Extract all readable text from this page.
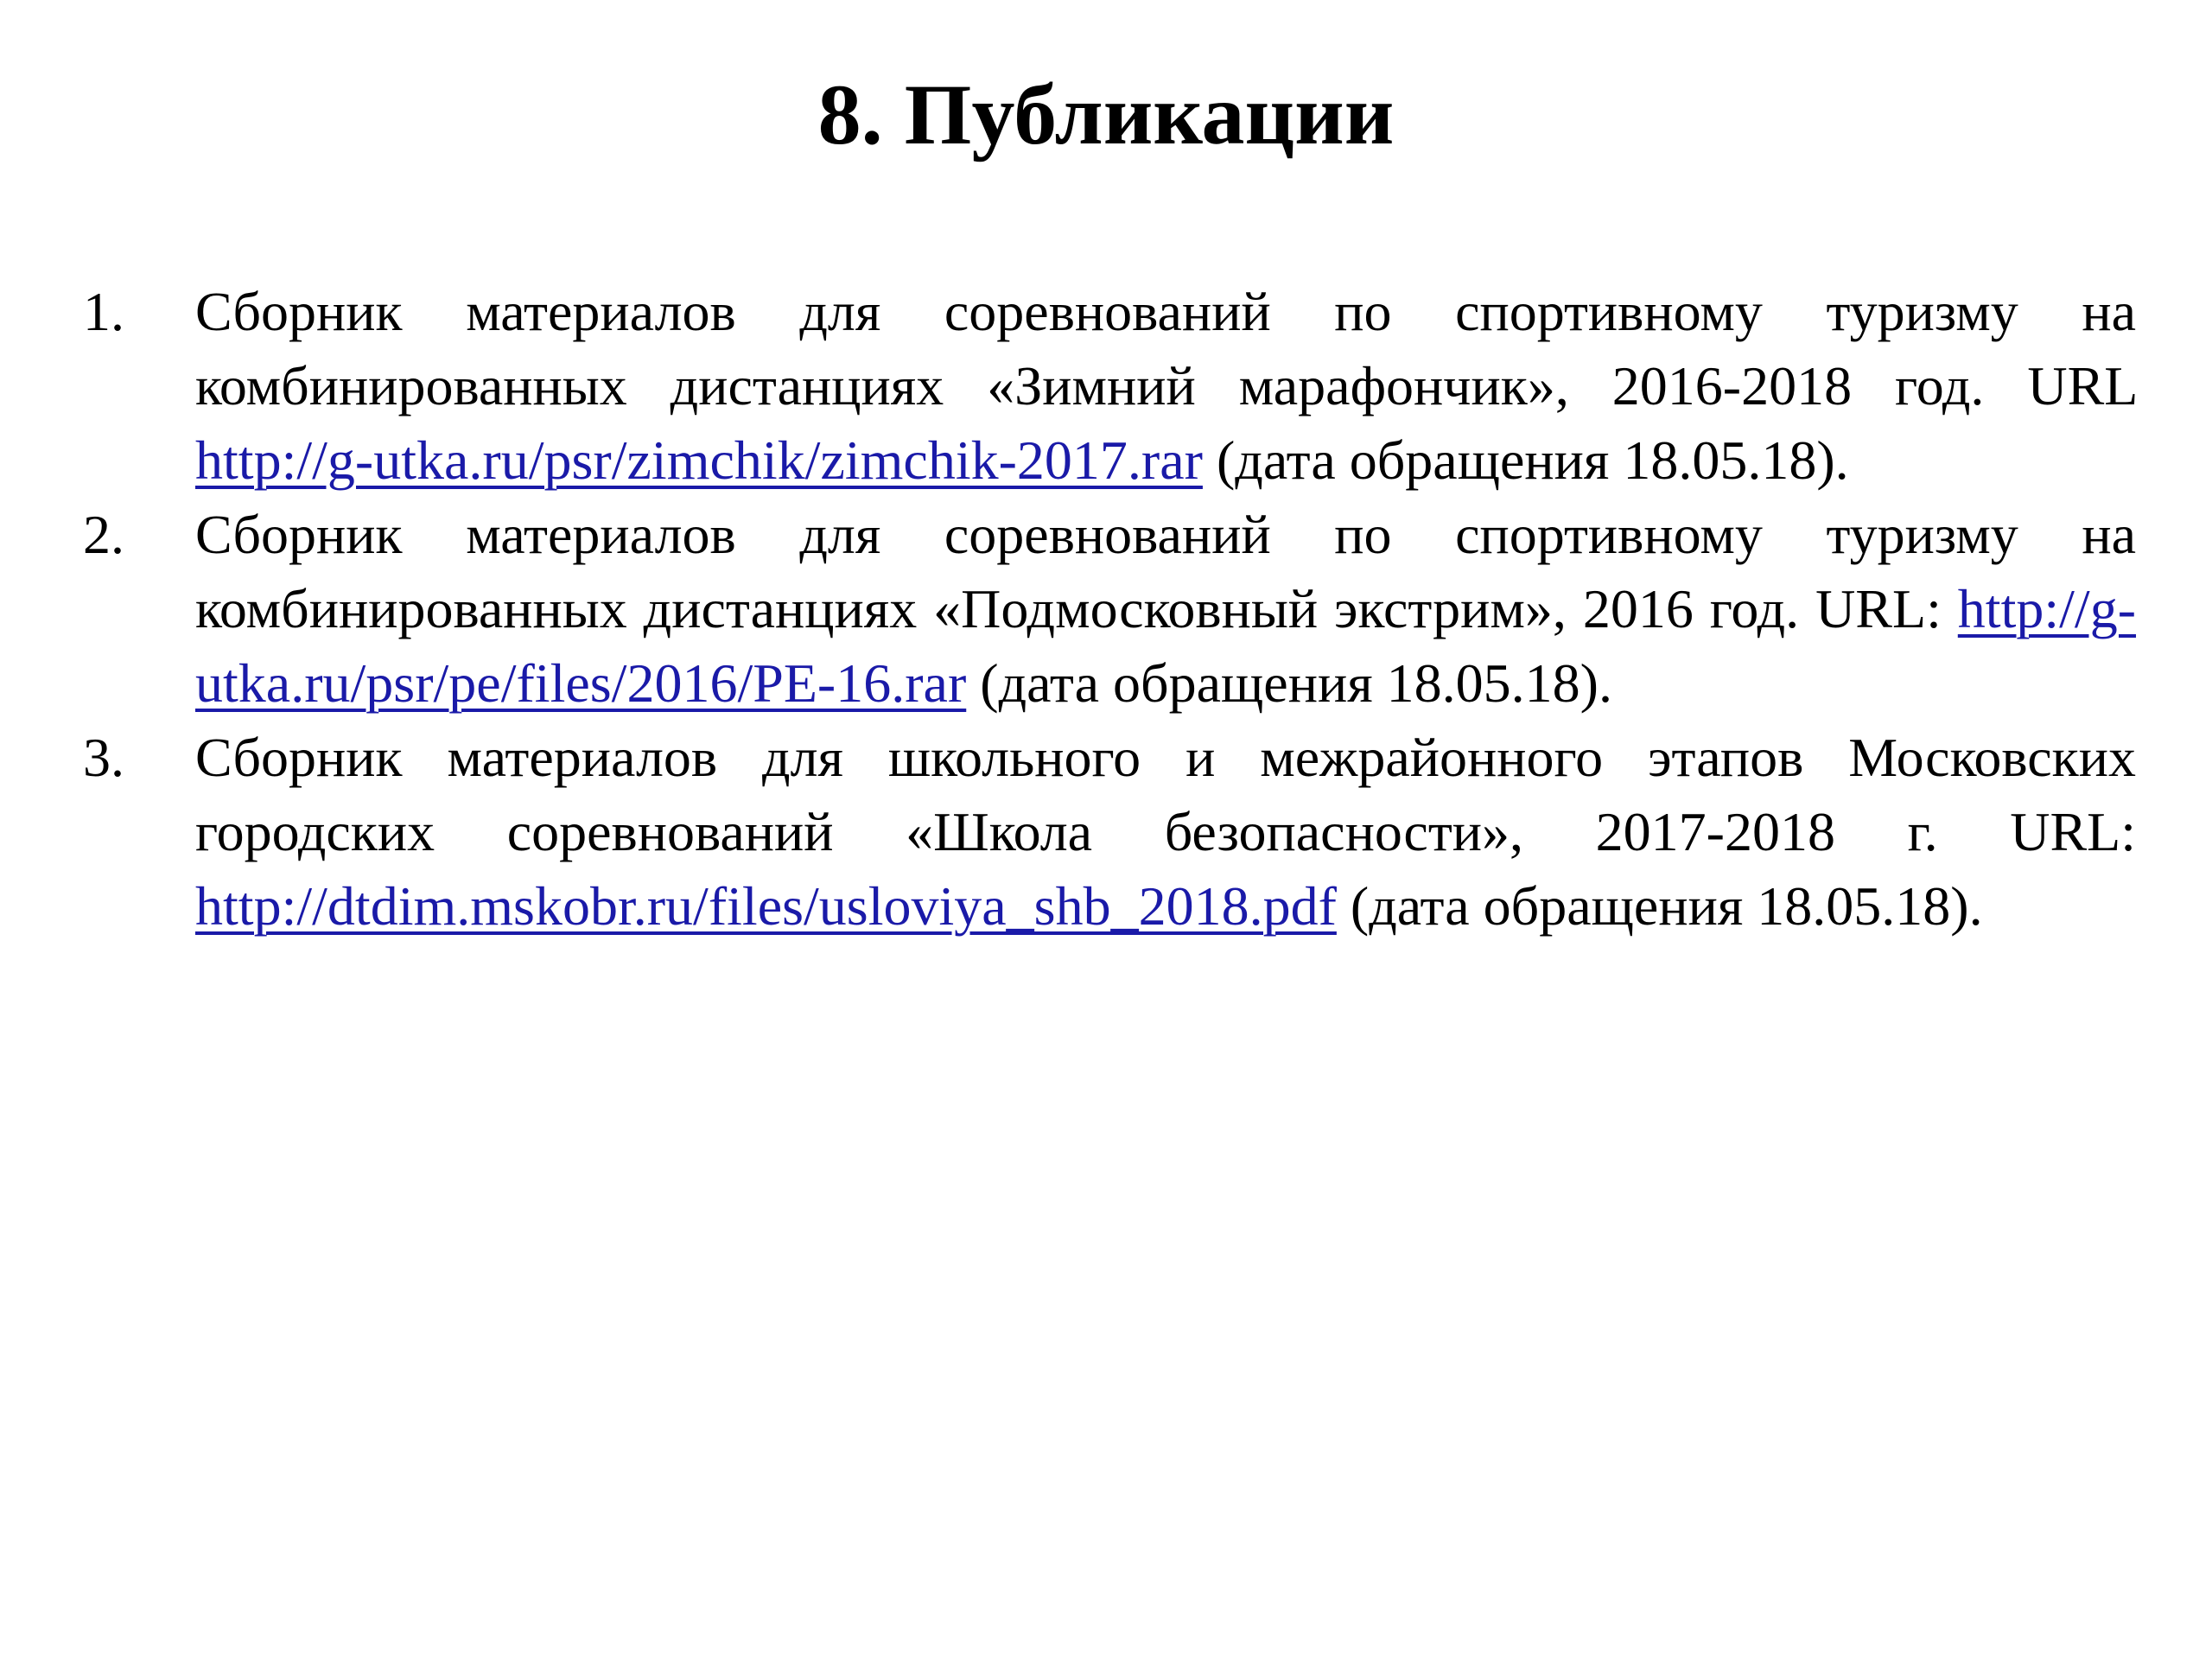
8. Публикации
1.	Сборник материалов для соревнований по спортивному туризму на комбинированных дистанциях «Зимний марафончик», 2016-2018 год. URL http://g-utka.ru/psr/zimchik/zimchik-2017.rar (дата обращения 18.05.18).
2.	Сборник материалов для соревнований по спортивному туризму на комбинированных дистанциях «Подмосковный экстрим», 2016 год. URL: http://g-utka.ru/psr/pe/files/2016/PE-16.rar (дата обращения 18.05.18).
3.	Сборник материалов для школьного и межрайонного этапов Московских городских соревнований «Школа безопасности», 2017-2018 г. URL: http://dtdim.mskobr.ru/files/usloviya_shb_2018.pdf (дата обращения 18.05.18).
